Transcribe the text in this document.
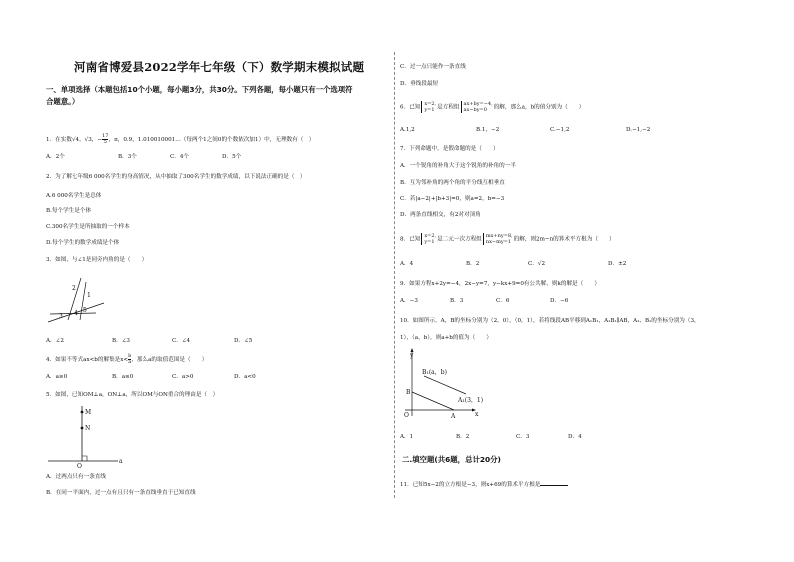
河南省博爱县2022学年七年级（下）数学期末模拟试题
一、单项选择（本题包括10个小题，每小题3分，共30分。下列各题，每小题只有一个选项符
合题意。）
1．在实数√4，√3，− $\frac{17}{5}$，π，0.9，1.010010001…（每两个1之间0的个数依次加1）中，无理数有（　）
A．2个	B．3个	C．4个	D．5个
2．为了解七年级6 000名学生的身高情况，从中抽取了300名学生的数学成绩，以下说法正确的是（　）
A.6 000名学生是总体
B.每个学生是个体
C.300名学生是所抽取的一个样本
D.每个学生的数学成绩是个体
3．如图，与∠1是同旁内角的是（　　）
2
1
3 4 5
A．∠2	B．∠3	C．∠4	D．∠5
4．如果不等式ax<b的解集是$x< \frac{b}{a}$，那么a的取值范围是（　　）
A．a≥0	B．a≤0	C．a>0	D．a<0
5．如图，已知OM⊥a，ON⊥a，所以OM与ON重合的理由是（　）
M
N
O
a
A．过两点只有一条直线
B．在同一平面内，过一点有且只有一条直线垂直于已知直线
C．过一点只能作一条直线
D．垂线段最短
6．已知
x=2,
y=1 是方程组
ax+by=−4,
ax−by=0	的解，那么a，b的值分别为（　　）
A.1,2	B.1，−2	C.−1,2	D.−1,−2
7．下列命题中，是假命题的是（　　）
A．一个锐角的补角大于这个锐角的补角的一半
B．互为邻补角的两个角的平分线互相垂直
C．若|a−2|+|b+3|=0，则a=2，b=−3
D．两条直线相交，有2对对顶角
8．已知
x=2,
y=1 是二元一次方程组
mx+ny=8,
nx−my=1 的解，则2m−n的算术平方根为（　　）
A．4	B．2	C．√2	D．±2
9．如果方程x+2y=−4，2x−y=7，y−kx+9=0有公共解，则k的解是（　　）
A．−3	B．3	C．6	D．−6
10．如图所示，A，B的坐标分别为（2，0），（0，1），若将线段AB平移到A₁B₁，A₁B₁∥AB，A₁、B₁的坐标分别为（3，
1），（a，b），则a+b的值为（　　）
y
B₁(a，b)
B
A₁(3，1)
O	A	x
A．1	B．2	C．3	D．4
二.填空题(共6题，总计20分)
11．已知5x−2的立方根是−3，则x+69的算术平方根是
